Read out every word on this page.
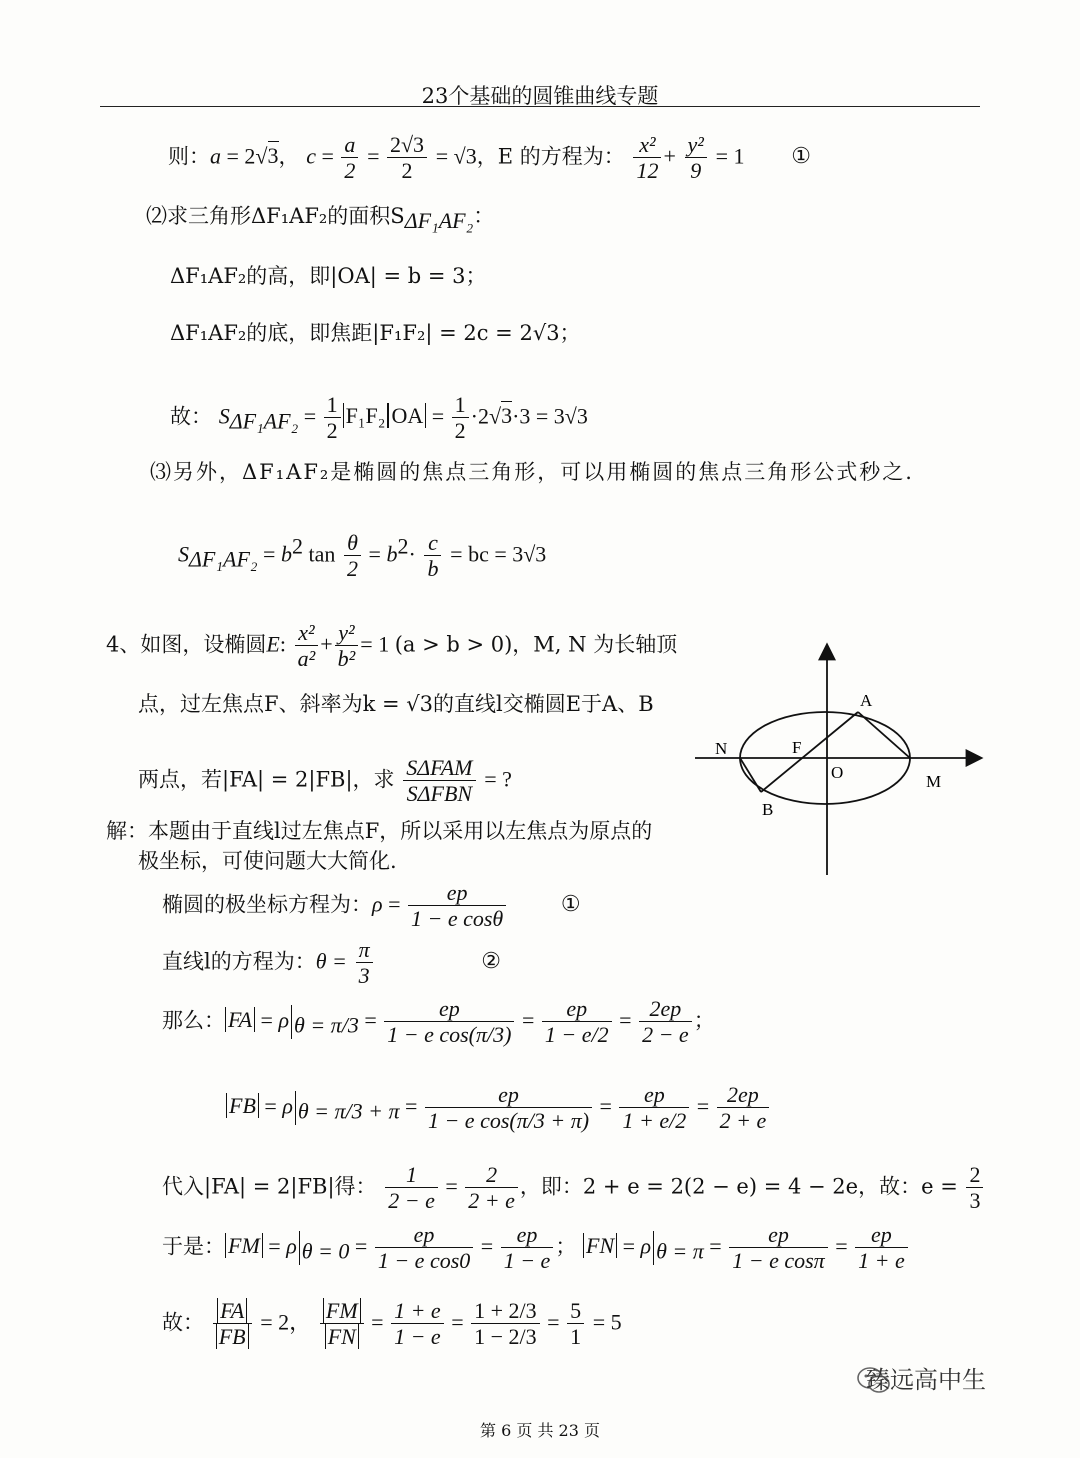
23个基础的圆锥曲线专题
则：a = 2√3， $c = \frac{a}{2} = \frac{2√3}{2} = √3$，E 的方程为： $\frac{\text{x²}}{12} + \frac{\text{y²}}{9} = 1$ ①
⑵求三角形ΔF₁AF₂的面积$S_{\Delta F_1AF_2}$：
ΔF₁AF₂的高，即|OA| = b = 3；
ΔF₁AF₂的底，即焦距|F₁F₂| = 2c = 2√3；
故： $S_{\Delta F_1AF_2} = \frac{1}{2} F_1F_2$ OA = $\frac{1}{2} \cdot 2√3\cdot 3 = 3√3$
⑶另外，ΔF₁AF₂是椭圆的焦点三角形，可以用椭圆的焦点三角形公式秒之.
$S_{\Delta F_1AF_2} = b^2$ $\tan \frac{\theta}{2} = b^2\cdot \frac{c}{b}$ = bc = 3√3
4、如图，设椭圆E: $\frac{\text{x²}}{\text{a²}} + \frac{\text{y²}}{\text{b²}} = 1$ (a > b > 0)，M, N 为长轴顶
点，过左焦点F、斜率为k = √3的直线l交椭圆E于A、B
两点，若|FA| = 2|FB|，求 SΔFAM
SΔFBN
= ?
A
B
N	F
O	M
解：本题由于直线l过左焦点F，所以采用以左焦点为原点的
极坐标，可使问题大大简化.
椭圆的极坐标方程为：$\rho = \frac{ep}{\text{1 − e cosθ}}$ ①
直线l的方程为：$\theta = \frac{\pi}{3}$	②
那么： FA = ρ $_{\theta = \pi/3} = \frac{ep}{\text{1 − e cos(π/3)}} = \frac{ep}{1 - e/2} = \frac{2ep}{2 - e}$ ；
FB = ρ $_{\theta = \pi/3 + \pi} = \frac{ep}{\text{1 − e cos(π/3 + π)}} = \frac{ep}{1 + e/2} = \frac{2ep}{2 + e}$
代入|FA| = 2|FB|得： $\frac{1}{2 - e} = \frac{2}{2 + e}$ ，即：2 + e = 2(2 − e) = 4 − 2e，故：$e = \frac{2}{3}$
于是： FM = ρ $_{\theta = 0} = \frac{ep}{\text{1 − e cos0}} = \frac{ep}{1 - e}$ ； FN = ρ $_{\theta = \pi} = \frac{ep}{\text{1 − e cosπ}} = \frac{ep}{1 + e}$
故： $\frac{FA}{FB} = 2$， $\frac{FM}{FN} = \frac{1 + e}{1 - e} = \frac{1 + 2/3}{1 - 2/3} = \frac{5}{1} = 5$
臻远高中生
第 6 页 共 23 页
